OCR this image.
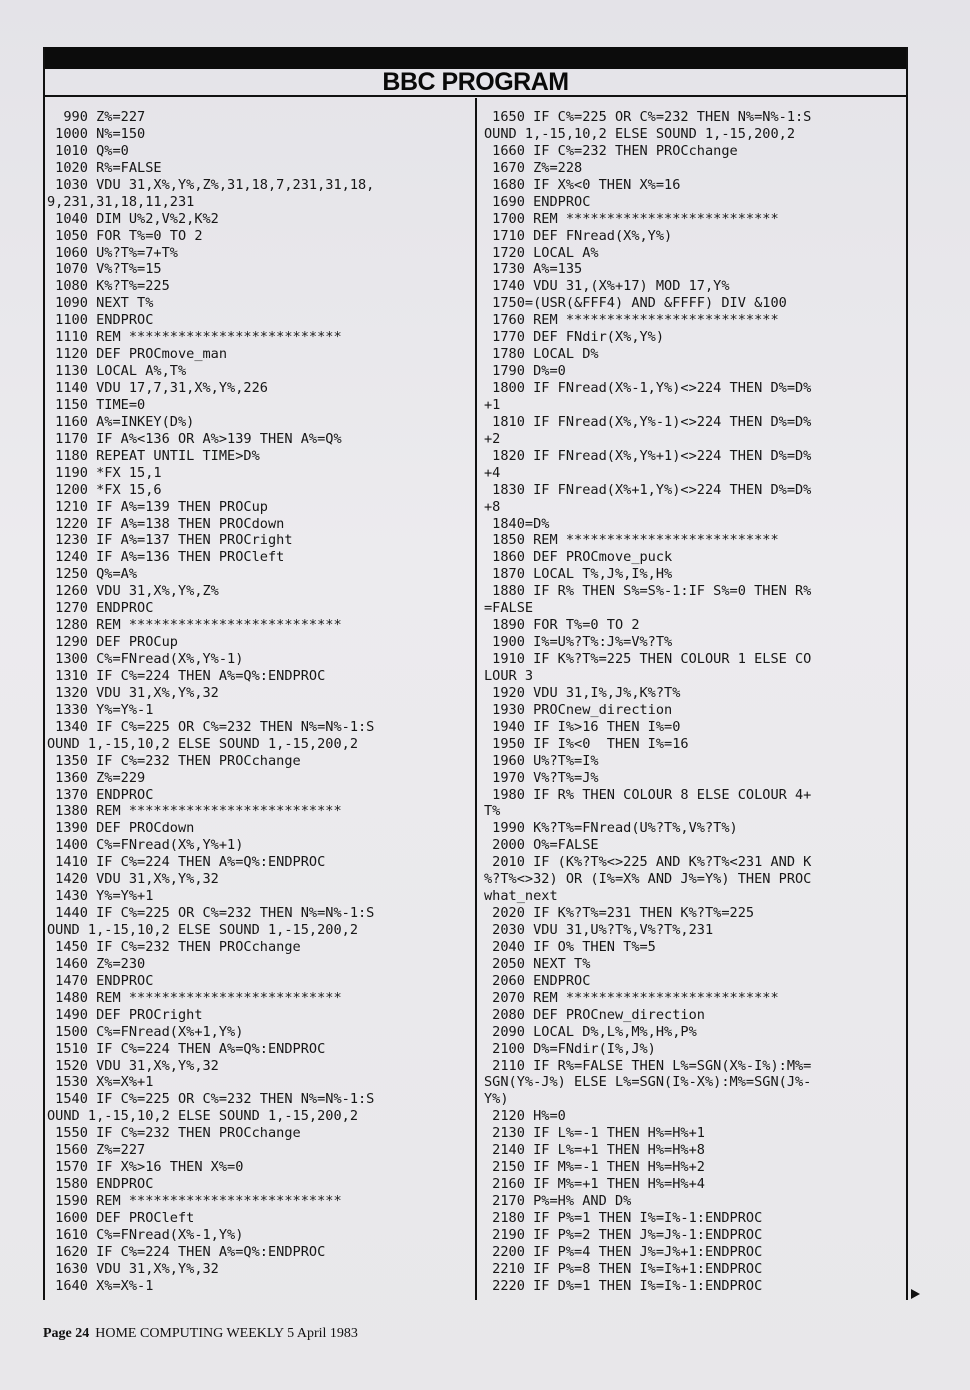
BBC PROGRAM
990 Z%=227
1000 N%=150
1010 Q%=0
1020 R%=FALSE
1030 VDU 31,X%,Y%,Z%,31,18,7,231,31,18,
9,231,31,18,11,231
1040 DIM U%2,V%2,K%2
1050 FOR T%=0 TO 2
1060 U%?T%=7+T%
1070 V%?T%=15
1080 K%?T%=225
1090 NEXT T%
1100 ENDPROC
1110 REM **************************
1120 DEF PROCmove_man
1130 LOCAL A%,T%
1140 VDU 17,7,31,X%,Y%,226
1150 TIME=0
1160 A%=INKEY(D%)
1170 IF A%<136 OR A%>139 THEN A%=Q%
1180 REPEAT UNTIL TIME>D%
1190 *FX 15,1
1200 *FX 15,6
1210 IF A%=139 THEN PROCup
1220 IF A%=138 THEN PROCdown
1230 IF A%=137 THEN PROCright
1240 IF A%=136 THEN PROCleft
1250 Q%=A%
1260 VDU 31,X%,Y%,Z%
1270 ENDPROC
1280 REM **************************
1290 DEF PROCup
1300 C%=FNread(X%,Y%-1)
1310 IF C%=224 THEN A%=Q%:ENDPROC
1320 VDU 31,X%,Y%,32
1330 Y%=Y%-1
1340 IF C%=225 OR C%=232 THEN N%=N%-1:S
OUND 1,-15,10,2 ELSE SOUND 1,-15,200,2
1350 IF C%=232 THEN PROCchange
1360 Z%=229
1370 ENDPROC
1380 REM **************************
1390 DEF PROCdown
1400 C%=FNread(X%,Y%+1)
1410 IF C%=224 THEN A%=Q%:ENDPROC
1420 VDU 31,X%,Y%,32
1430 Y%=Y%+1
1440 IF C%=225 OR C%=232 THEN N%=N%-1:S
OUND 1,-15,10,2 ELSE SOUND 1,-15,200,2
1450 IF C%=232 THEN PROCchange
1460 Z%=230
1470 ENDPROC
1480 REM **************************
1490 DEF PROCright
1500 C%=FNread(X%+1,Y%)
1510 IF C%=224 THEN A%=Q%:ENDPROC
1520 VDU 31,X%,Y%,32
1530 X%=X%+1
1540 IF C%=225 OR C%=232 THEN N%=N%-1:S
OUND 1,-15,10,2 ELSE SOUND 1,-15,200,2
1550 IF C%=232 THEN PROCchange
1560 Z%=227
1570 IF X%>16 THEN X%=0
1580 ENDPROC
1590 REM **************************
1600 DEF PROCleft
1610 C%=FNread(X%-1,Y%)
1620 IF C%=224 THEN A%=Q%:ENDPROC
1630 VDU 31,X%,Y%,32
1640 X%=X%-1
1650 IF C%=225 OR C%=232 THEN N%=N%-1:S
OUND 1,-15,10,2 ELSE SOUND 1,-15,200,2
1660 IF C%=232 THEN PROCchange
1670 Z%=228
1680 IF X%<0 THEN X%=16
1690 ENDPROC
1700 REM **************************
1710 DEF FNread(X%,Y%)
1720 LOCAL A%
1730 A%=135
1740 VDU 31,(X%+17) MOD 17,Y%
1750=(USR(&FFF4) AND &FFFF) DIV &100
1760 REM **************************
1770 DEF FNdir(X%,Y%)
1780 LOCAL D%
1790 D%=0
1800 IF FNread(X%-1,Y%)<>224 THEN D%=D%
+1
1810 IF FNread(X%,Y%-1)<>224 THEN D%=D%
+2
1820 IF FNread(X%,Y%+1)<>224 THEN D%=D%
+4
1830 IF FNread(X%+1,Y%)<>224 THEN D%=D%
+8
1840=D%
1850 REM **************************
1860 DEF PROCmove_puck
1870 LOCAL T%,J%,I%,H%
1880 IF R% THEN S%=S%-1:IF S%=0 THEN R%
=FALSE
1890 FOR T%=0 TO 2
1900 I%=U%?T%:J%=V%?T%
1910 IF K%?T%=225 THEN COLOUR 1 ELSE CO
LOUR 3
1920 VDU 31,I%,J%,K%?T%
1930 PROCnew_direction
1940 IF I%>16 THEN I%=0
1950 IF I%<0  THEN I%=16
1960 U%?T%=I%
1970 V%?T%=J%
1980 IF R% THEN COLOUR 8 ELSE COLOUR 4+
T%
1990 K%?T%=FNread(U%?T%,V%?T%)
2000 O%=FALSE
2010 IF (K%?T%<>225 AND K%?T%<231 AND K
%?T%<>32) OR (I%=X% AND J%=Y%) THEN PROC
what_next
2020 IF K%?T%=231 THEN K%?T%=225
2030 VDU 31,U%?T%,V%?T%,231
2040 IF O% THEN T%=5
2050 NEXT T%
2060 ENDPROC
2070 REM **************************
2080 DEF PROCnew_direction
2090 LOCAL D%,L%,M%,H%,P%
2100 D%=FNdir(I%,J%)
2110 IF R%=FALSE THEN L%=SGN(X%-I%):M%=
SGN(Y%-J%) ELSE L%=SGN(I%-X%):M%=SGN(J%-
Y%)
2120 H%=0
2130 IF L%=-1 THEN H%=H%+1
2140 IF L%=+1 THEN H%=H%+8
2150 IF M%=-1 THEN H%=H%+2
2160 IF M%=+1 THEN H%=H%+4
2170 P%=H% AND D%
2180 IF P%=1 THEN I%=I%-1:ENDPROC
2190 IF P%=2 THEN J%=J%-1:ENDPROC
2200 IF P%=4 THEN J%=J%+1:ENDPROC
2210 IF P%=8 THEN I%=I%+1:ENDPROC
2220 IF D%=1 THEN I%=I%-1:ENDPROC
Page 24 HOME COMPUTING WEEKLY 5 April 1983
